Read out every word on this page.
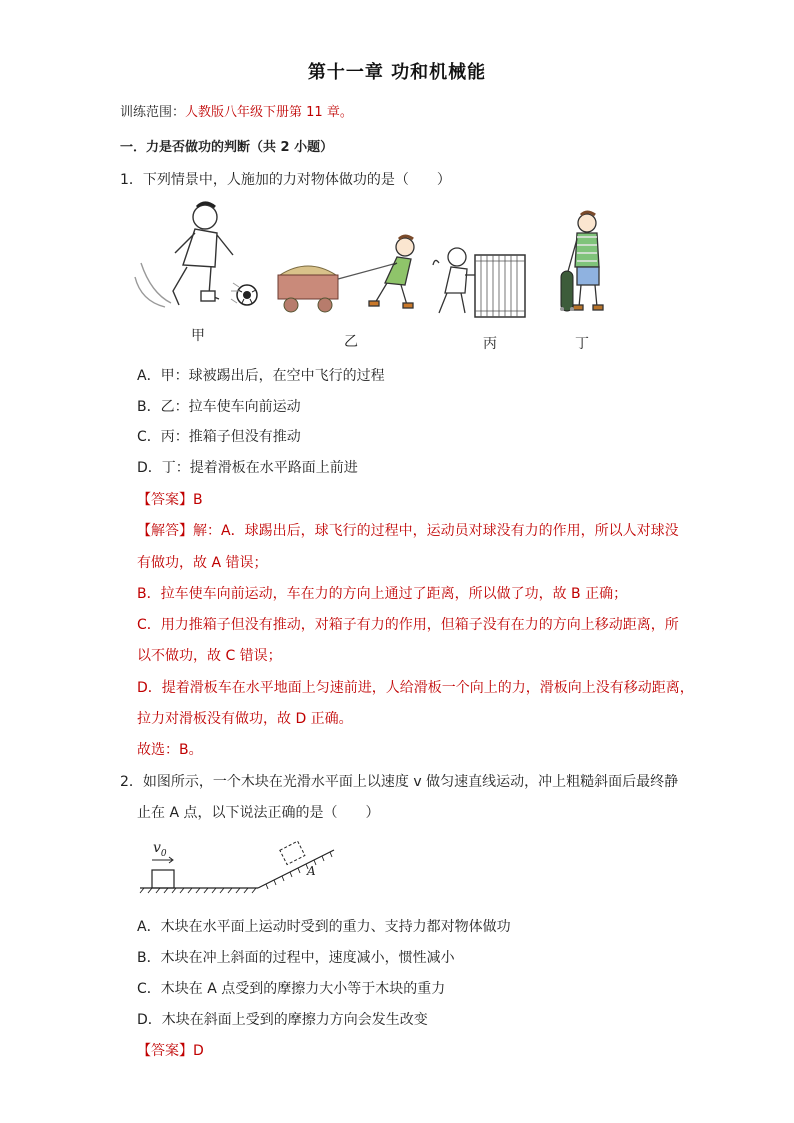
第十一章 功和机械能
训练范围：人教版八年级下册第 11 章。
一．力是否做功的判断（共 2 小题）
1．下列情景中，人施加的力对物体做功的是（　　）
甲	乙	丙	丁
A．甲：球被踢出后，在空中飞行的过程
B．乙：拉车使车向前运动
C．丙：推箱子但没有推动
D．丁：提着滑板在水平路面上前进
【答案】B
【解答】解：A．球踢出后，球飞行的过程中，运动员对球没有力的作用，所以人对球没
有做功，故 A 错误；
B．拉车使车向前运动，车在力的方向上通过了距离，所以做了功，故 B 正确；
C．用力推箱子但没有推动，对箱子有力的作用，但箱子没有在力的方向上移动距离，所
以不做功，故 C 错误；
D．提着滑板车在水平地面上匀速前进，人给滑板一个向上的力，滑板向上没有移动距离，
拉力对滑板没有做功，故 D 正确。
故选：B。
2．如图所示，一个木块在光滑水平面上以速度 v 做匀速直线运动，冲上粗糙斜面后最终静
止在 A 点，以下说法正确的是（　　）
$v_0$
A
A．木块在水平面上运动时受到的重力、支持力都对物体做功
B．木块在冲上斜面的过程中，速度减小，惯性减小
C．木块在 A 点受到的摩擦力大小等于木块的重力
D．木块在斜面上受到的摩擦力方向会发生改变
【答案】D
